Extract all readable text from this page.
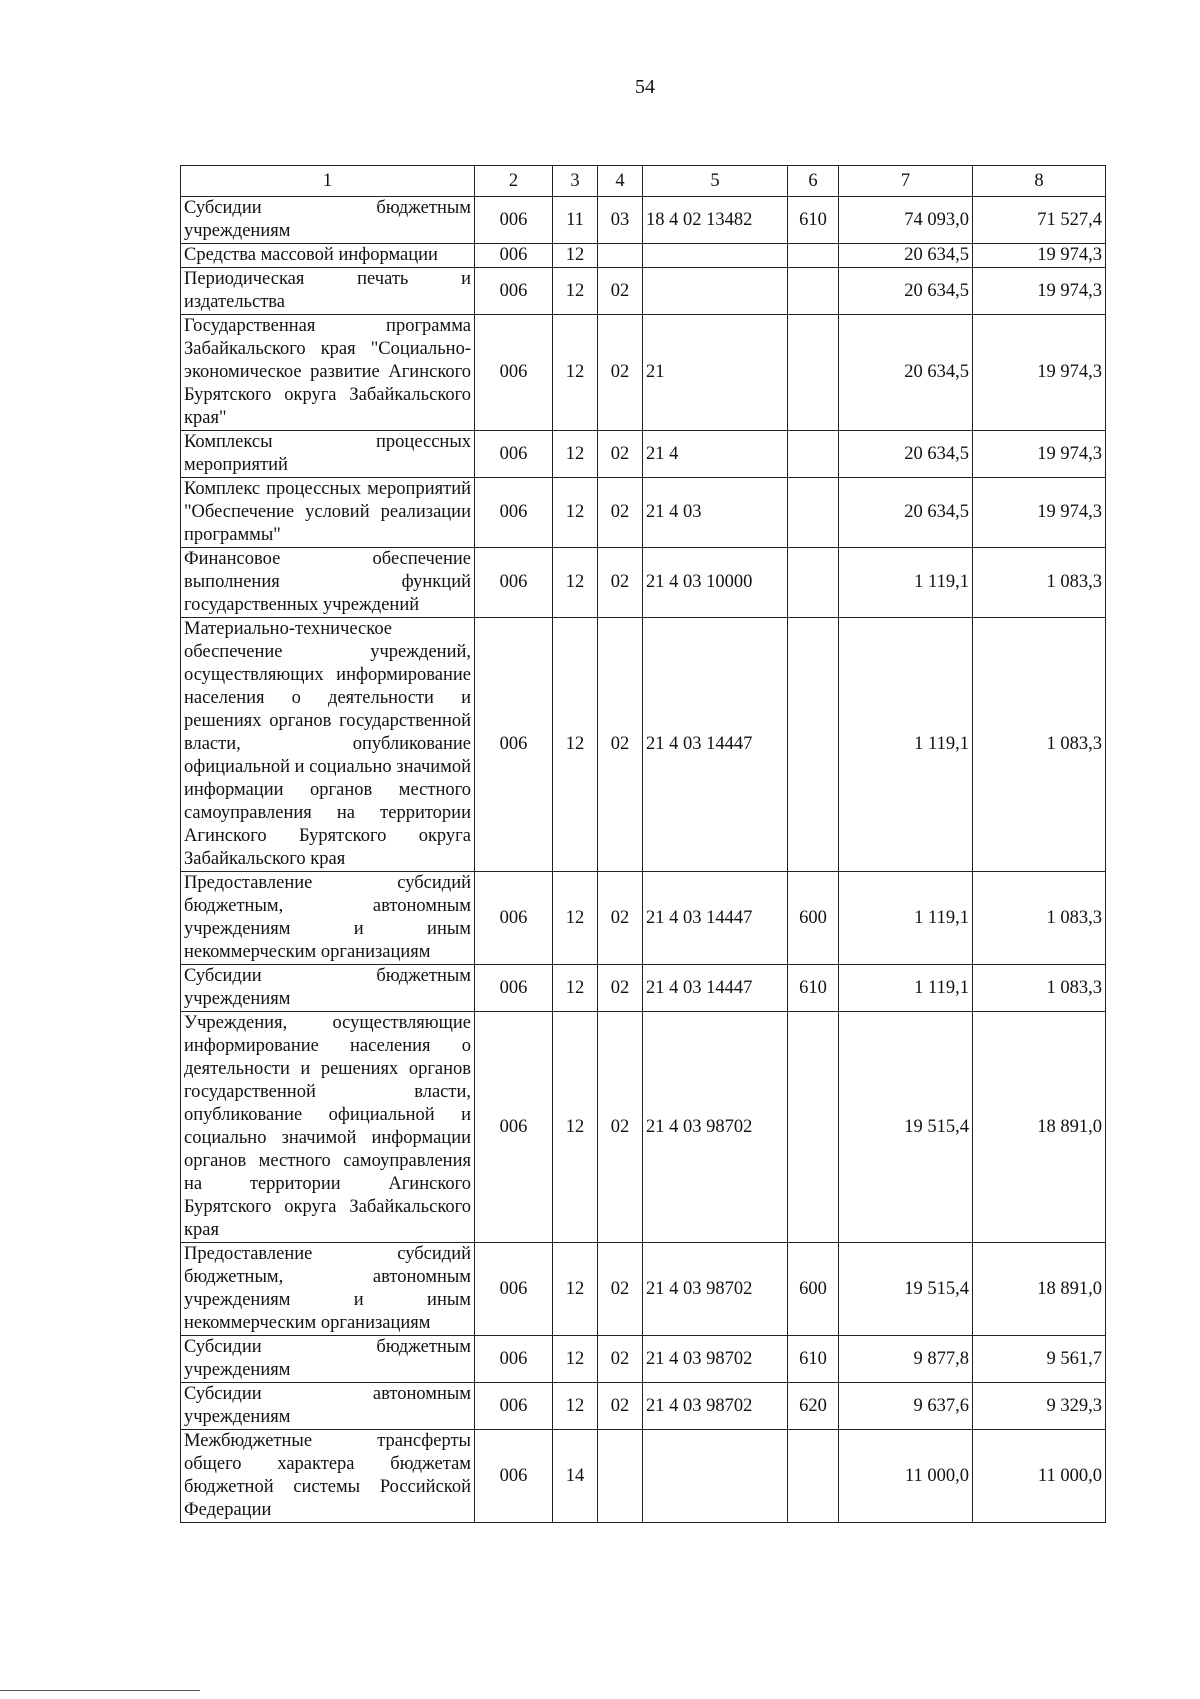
54
1	2	3	4	5	6	7	8
Субсидии бюджетным учреждениям	006	11	03	18 4 02 13482	610	74 093,0	71 527,4
Средства массовой информации	006	12				20 634,5	19 974,3
Периодическая печать и издательства	006	12	02			20 634,5	19 974,3
Государственная программа Забайкальского края "Социально-экономическое развитие Агинского Бурятского округа Забайкальского края"	006	12	02	21		20 634,5	19 974,3
Комплексы процессных мероприятий	006	12	02	21 4		20 634,5	19 974,3
Комплекс процессных мероприятий "Обеспечение условий реализации программы"	006	12	02	21 4 03		20 634,5	19 974,3
Финансовое обеспечение выполнения функций государственных учреждений	006	12	02	21 4 03 10000		1 119,1	1 083,3
Материально-техническое обеспечение учреждений, осуществляющих информирование населения о деятельности и решениях органов государственной власти, опубликование официальной и социально значимой информации органов местного самоуправления на территории Агинского Бурятского округа Забайкальского края	006	12	02	21 4 03 14447		1 119,1	1 083,3
Предоставление субсидий бюджетным, автономным учреждениям и иным некоммерческим организациям	006	12	02	21 4 03 14447	600	1 119,1	1 083,3
Субсидии бюджетным учреждениям	006	12	02	21 4 03 14447	610	1 119,1	1 083,3
Учреждения, осуществляющие информирование населения о деятельности и решениях органов государственной власти, опубликование официальной и социально значимой информации органов местного самоуправления на территории Агинского Бурятского округа Забайкальского края	006	12	02	21 4 03 98702		19 515,4	18 891,0
Предоставление субсидий бюджетным, автономным учреждениям и иным некоммерческим организациям	006	12	02	21 4 03 98702	600	19 515,4	18 891,0
Субсидии бюджетным учреждениям	006	12	02	21 4 03 98702	610	9 877,8	9 561,7
Субсидии автономным учреждениям	006	12	02	21 4 03 98702	620	9 637,6	9 329,3
Межбюджетные трансферты общего характера бюджетам бюджетной системы Российской Федерации	006	14				11 000,0	11 000,0
